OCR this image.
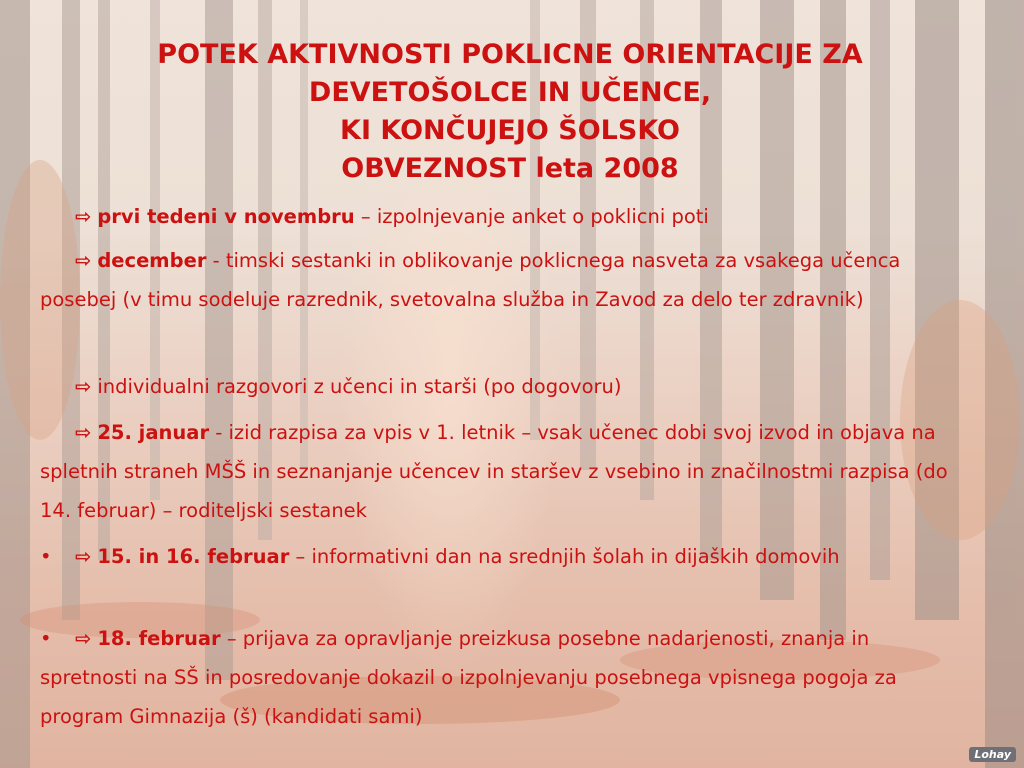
POTEK AKTIVNOSTI POKLICNE ORIENTACIJE ZA
DEVETOŠOLCE IN UČENCE,
KI KONČUJEJO ŠOLSKO
OBVEZNOST leta 2008
⇨ prvi tedeni v novembru – izpolnjevanje anket o poklicni poti
⇨ december - timski sestanki in oblikovanje poklicnega nasveta za vsakega učenca posebej (v timu sodeluje razrednik, svetovalna služba in Zavod za delo ter zdravnik)
⇨ individualni razgovori z učenci in starši (po dogovoru)
⇨ 25. januar - izid razpisa za vpis v 1. letnik – vsak učenec dobi svoj izvod in objava na spletnih straneh MŠŠ in seznanjanje učencev in staršev z vsebino in značilnostmi razpisa (do 14. februar) – roditeljski sestanek
•	⇨ 15. in 16. februar – informativni dan na srednjih šolah in dijaških domovih
•	⇨ 18. februar – prijava za opravljanje preizkusa posebne nadarjenosti, znanja in spretnosti na SŠ in posredovanje dokazil o izpolnjevanju posebnega vpisnega pogoja za program Gimnazija (š) (kandidati sami)
Lohay
